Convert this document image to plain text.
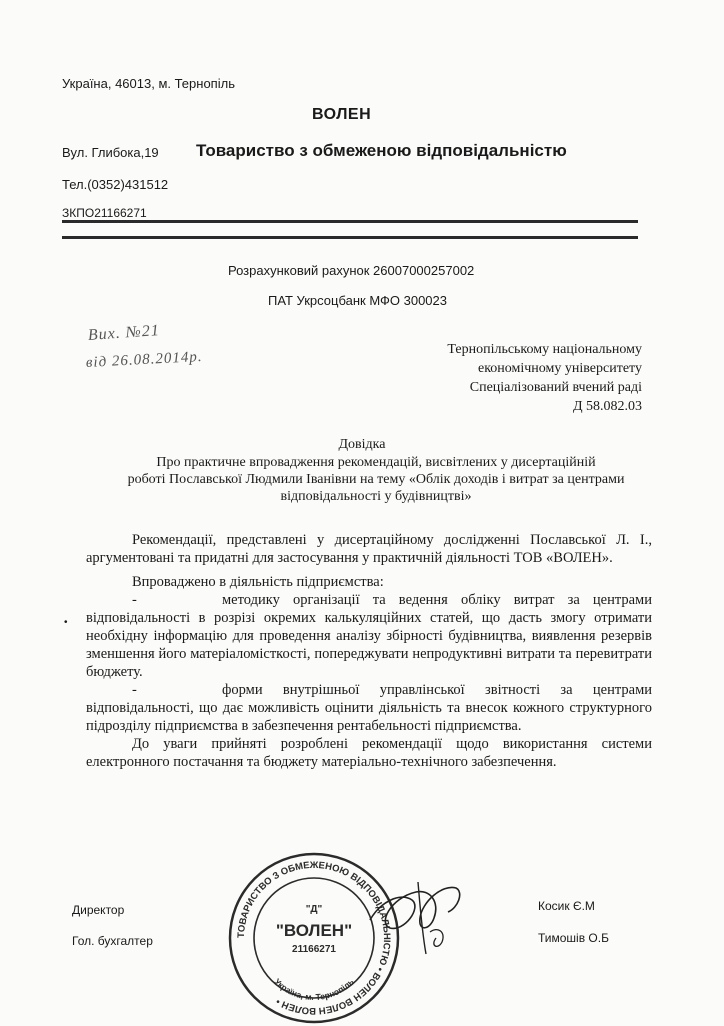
Україна, 46013, м. Тернопіль
ВОЛЕН
Вул. Глибока,19 Товариство з обмеженою відповідальністю
Тел.(0352)431512
ЗКПО21166271
Розрахунковий рахунок 26007000257002
ПАТ Укрсоцбанк МФО 300023
Вих. №21
від 26.08.2014р.	Тернопільському національному
економічному університету
Спеціалізований вчений раді
Д 58.082.03
Довідка
Про практичне впровадження рекомендацій, висвітлених у дисертаційній
роботі Пославської Людмили Іванівни на тему «Облік доходів і витрат за центрами
відповідальності у будівництві»

Рекомендації, представлені у дисертаційному дослідженні Пославської Л. І., аргументовані та придатні для застосування у практичній діяльності ТОВ «ВОЛЕН».

Впроваджено в діяльність підприємства:

-	методику організації та ведення обліку витрат за центрами відповідальності в розрізі окремих калькуляційних статей, що дасть змогу отримати необхідну інформацію для проведення аналізу збірності будівництва, виявлення резервів зменшення його матеріаломісткості, попереджувати непродуктивні витрати та перевитрати бюджету.

-	форми внутрішньої управлінської звітності за центрами відповідальності, що дає можливість оцінити діяльність та внесок кожного структурного підрозділу підприємства в забезпечення рентабельності підприємства.

До уваги прийняті розроблені рекомендації щодо використання системи електронного постачання та бюджету матеріально-технічного забезпечення.

Директор
Гол. бухгалтер
Косик Є.М
Тимошів О.Б
ТОВАРИСТВО З ОБМЕЖЕНОЮ ВІДПОВІДАЛЬНІСТЮ • ВОЛЕН ВОЛЕН ВОЛЕН •
"Д"
"ВОЛЕН"
21166271
Україна, м. Тернопіль
•
